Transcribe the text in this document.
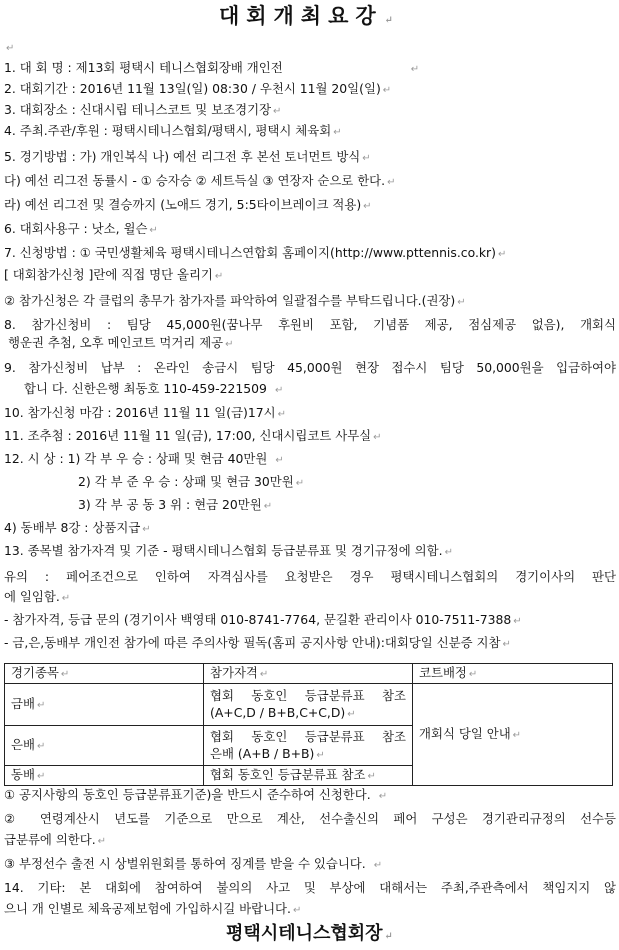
대회개최요강 ↵
↵
1. 대 회 명 : 제13회 평택시 테니스협회장배 개인전	↵
2. 대회기간 : 2016년 11월 13일(일) 08:30 / 우천시 11월 20일(일) ↵
3. 대회장소 : 신대시립 테니스코트 및 보조경기장 ↵
4. 주최.주관/후원 : 평택시테니스협회/평택시, 평택시 체육회 ↵
5. 경기방법 : 가) 개인복식 나) 예선 리그전 후 본선 토너먼트 방식 ↵
다) 예선 리그전 동률시 - ① 승자승 ② 세트득실 ③ 연장자 순으로 한다. ↵
라) 예선 리그전 및 결승까지 (노애드 경기, 5:5타이브레이크 적용) ↵
6. 대회사용구 : 낫소, 윌슨 ↵
7. 신청방법 : ① 국민생활체육 평택시테니스연합회 홈페이지(http://www.pttennis.co.kr) ↵
[ 대회참가신청 ]란에 직접 명단 올리기 ↵
② 참가신청은 각 클럽의 총무가 참가자를 파악하여 일괄접수를 부탁드립니다.(권장) ↵
8. 참가신청비 : 팀당 45,000원(꿈나무 후원비 포함, 기념품 제공, 점심제공 없음), 개회식
행운권 추첨, 오후 메인코트 먹거리 제공 ↵
9. 참가신청비 납부 : 온라인 송금시 팀당 45,000원 현장 접수시 팀당 50,000원을 입금하여야
합니 다. 신한은행 최동호 110-459-221509 ↵
10. 참가신청 마감 : 2016년 11월 11 일(금)17시 ↵
11. 조추첨 : 2016년 11월 11 일(금), 17:00, 신대시립코트 사무실 ↵
12. 시 상 : 1) 각 부 우 승 : 상패 및 현금 40만원 ↵
2) 각 부 준 우 승 : 상패 및 현금 30만원 ↵
3) 각 부 공 동 3 위 : 현금 20만원 ↵
4) 동배부 8강 : 상품지급 ↵
13. 종목별 참가자격 및 기준 - 평택시테니스협회 등급분류표 및 경기규정에 의함. ↵
유의 : 페어조건으로 인하여 자격심사를 요청받은 경우 평택시테니스협회의 경기이사의 판단
에 일임함. ↵
- 참가자격, 등급 문의 (경기이사 백영태 010-8741-7764, 문길환 관리이사 010-7511-7388 ↵
- 금,은,동배부 개인전 참가에 따른 주의사항 필독(홈피 공지사항 안내):대회당일 신분증 지참 ↵
경기종목 ↵	참가자격 ↵	코트배정 ↵
금배 ↵	협회 동호인 등급분류표 참조
(A+C,D / B+B,C+C,D) ↵	개회식 당일 안내 ↵
은배 ↵	협회 동호인 등급분류표 참조
은배 (A+B / B+B) ↵	

동배 ↵	협회 동호인 등급분류표 참조 ↵	
① 공지사항의 동호인 등급분류표기준)을 반드시 준수하여 신청한다. ↵
② 연령계산시 년도를 기준으로 만으로 계산, 선수출신의 페어 구성은 경기관리규정의 선수등
급분류에 의한다. ↵
③ 부정선수 출전 시 상벌위원회를 통하여 징계를 받을 수 있습니다. ↵
14. 기타: 본 대회에 참여하여 불의의 사고 및 부상에 대해서는 주최,주관측에서 책임지지 않
으니 개 인별로 체육공제보험에 가입하시길 바랍니다. ↵
평택시테니스협회장 ↵
